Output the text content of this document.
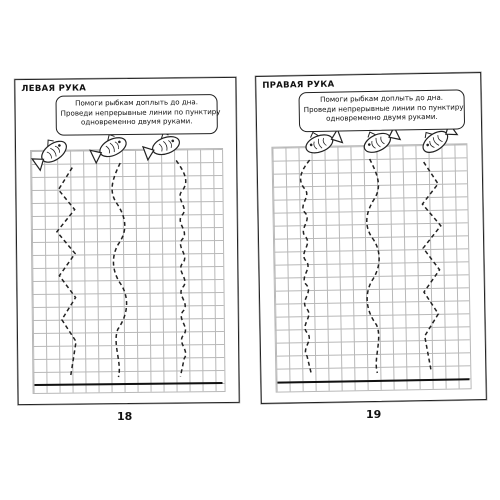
ЛЕВАЯ РУКА
Помоги рыбкам доплыть до дна.
Проведи непрерывные линии по пунктиру
одновременно двумя руками.
ПРАВАЯ РУКА
Помоги рыбкам доплыть до дна.
Проведи непрерывные линии по пунктиру
одновременно двумя руками.
18	19
